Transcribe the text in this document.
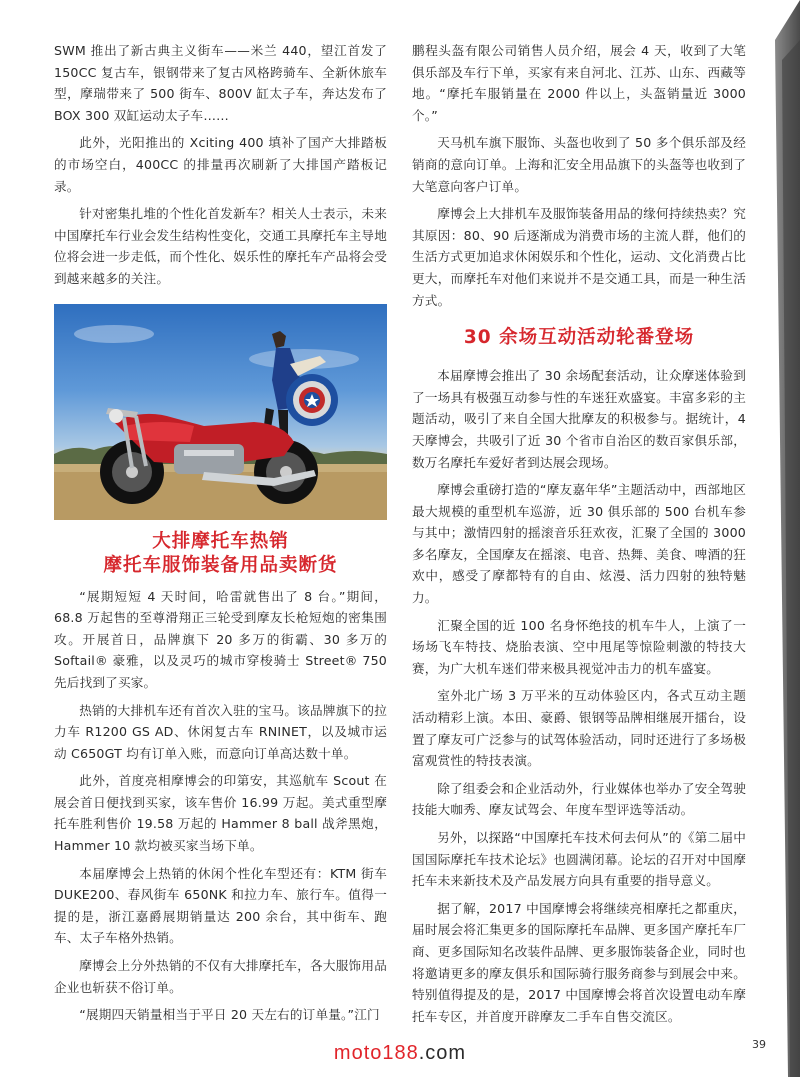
SWM 推出了新古典主义街车——米兰 440，望江首发了 150CC 复古车，银钢带来了复古风格跨骑车、全新休旅车型，摩瑞带来了 500 街车、800V 缸太子车，奔达发布了 BOX 300 双缸运动太子车……

此外，光阳推出的 Xciting 400 填补了国产大排踏板的市场空白，400CC 的排量再次刷新了大排国产踏板记录。

针对密集扎堆的个性化首发新车？相关人士表示，未来中国摩托车行业会发生结构性变化，交通工具摩托车主导地位将会进一步走低，而个性化、娱乐性的摩托车产品将会受到越来越多的关注。

大排摩托车热销
摩托车服饰装备用品卖断货

“展期短短 4 天时间，哈雷就售出了 8 台。”期间，68.8 万起售的至尊滑翔正三轮受到摩友长枪短炮的密集围攻。开展首日，品牌旗下 20 多万的街霸、30 多万的 Softail® 豪雅，以及灵巧的城市穿梭骑士 Street® 750 先后找到了买家。

热销的大排机车还有首次入驻的宝马。该品牌旗下的拉力车 R1200 GS AD、休闲复古车 RNINET，以及城市运动 C650GT 均有订单入账，而意向订单高达数十单。

此外，首度亮相摩博会的印第安，其巡航车 Scout 在展会首日便找到买家，该车售价 16.99 万起。美式重型摩托车胜利售价 19.58 万起的 Hammer 8 ball 战斧黑炮，Hammer 10 款均被买家当场下单。

本届摩博会上热销的休闲个性化车型还有：KTM 街车 DUKE200、春风街车 650NK 和拉力车、旅行车。值得一提的是，浙江嘉爵展期销量达 200 余台，其中街车、跑车、太子车格外热销。

摩博会上分外热销的不仅有大排摩托车，各大服饰用品企业也斩获不俗订单。

“展期四天销量相当于平日 20 天左右的订单量。”江门

鹏程头盔有限公司销售人员介绍，展会 4 天，收到了大笔俱乐部及车行下单，买家有来自河北、江苏、山东、西藏等地。“摩托车服销量在 2000 件以上，头盔销量近 3000 个。”

天马机车旗下服饰、头盔也收到了 50 多个俱乐部及经销商的意向订单。上海和汇安全用品旗下的头盔等也收到了大笔意向客户订单。

摩博会上大排机车及服饰装备用品的缘何持续热卖？究其原因：80、90 后逐渐成为消费市场的主流人群，他们的生活方式更加追求休闲娱乐和个性化，运动、文化消费占比更大，而摩托车对他们来说并不是交通工具，而是一种生活方式。

30 余场互动活动轮番登场

本届摩博会推出了 30 余场配套活动，让众摩迷体验到了一场具有极强互动参与性的车迷狂欢盛宴。丰富多彩的主题活动，吸引了来自全国大批摩友的积极参与。据统计，4 天摩博会，共吸引了近 30 个省市自治区的数百家俱乐部，数万名摩托车爱好者到达展会现场。

摩博会重磅打造的“摩友嘉年华”主题活动中，西部地区最大规模的重型机车巡游，近 30 俱乐部的 500 台机车参与其中；激情四射的摇滚音乐狂欢夜，汇聚了全国的 3000 多名摩友，全国摩友在摇滚、电音、热舞、美食、啤酒的狂欢中，感受了摩都特有的自由、炫漫、活力四射的独特魅力。

汇聚全国的近 100 名身怀绝技的机车牛人，上演了一场场飞车特技、烧胎表演、空中甩尾等惊险刺激的特技大赛，为广大机车迷们带来极具视觉冲击力的机车盛宴。

室外北广场 3 万平米的互动体验区内，各式互动主题活动精彩上演。本田、豪爵、银钢等品牌相继展开擂台，设置了摩友可广泛参与的试驾体验活动，同时还进行了多场极富观赏性的特技表演。

除了组委会和企业活动外，行业媒体也举办了安全驾驶技能大咖秀、摩友试驾会、年度车型评选等活动。

另外，以探路“中国摩托车技术何去何从”的《第二届中国国际摩托车技术论坛》也圆满闭幕。论坛的召开对中国摩托车未来新技术及产品发展方向具有重要的指导意义。

据了解，2017 中国摩博会将继续亮相摩托之都重庆，届时展会将汇集更多的国际摩托车品牌、更多国产摩托车厂商、更多国际知名改装件品牌、更多服饰装备企业，同时也将邀请更多的摩友俱乐和国际骑行服务商参与到展会中来。特别值得提及的是，2017 中国摩博会将首次设置电动车摩托车专区，并首度开辟摩友二手车自售交流区。

39
moto188.com
